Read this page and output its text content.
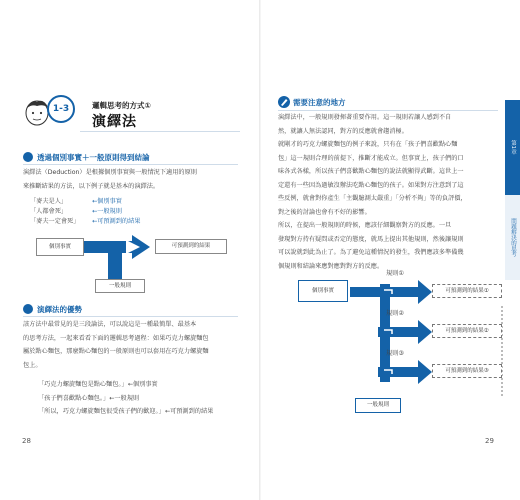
1-3	邏輯思考的方式①
演繹法
透過個別事實＋一般原則得到結論
演繹法（Deduction）是根據個別事實與一般情況下適用的原則
來推斷結果的方法，以下例子就是基本的演繹法。
「麥夫是人」	←個別事實
「人都會死」	←一般規則
「麥夫一定會死」 ←可預測到的結果
個別事實	可預測到的結果
一般規則
演繹法的優勢
該方法中最常見的是三段論法，可以說這是一種最簡單、最基本
的思考方法，一起來看看下面的邏輯思考過程：如果巧克力螺旋麵包
屬於點心麵包，那麼點心麵包的一般原則也可以套用在巧克力螺旋麵
包上。
「巧克力螺旋麵包是點心麵包。」←個別事實
「孩子們喜歡點心麵包。」←一般規則
「所以，巧克力螺旋麵包很受孩子們的歡迎。」←可預測到的結果
28
需要注意的地方
演繹法中，一般規則發揮著重要作用。這一規則若讓人感到不自
然，就讓人無法認同，對方的反應就會趨消極。
就剛才的巧克力螺旋麵包的例子來說，只有在「孩子們喜歡點心麵
包」這一規則合理的前提下，推斷才能成立。但事實上，孩子們的口
味各式各樣，所以孩子們喜歡點心麵包的說法就顯得武斷。這世上一
定還有一些因為過敏沒辦法吃點心麵包的孩子。如果對方注意到了這
些反例，就會對你產生「主觀臆測太嚴重」「分析不夠」等的負評價，
對之後的討論也會有不好的影響。
所以，在提出一般規則的時候，應該仔細觀察對方的反應。一旦
發現對方持有疑問或否定的態度，就馬上提出其他規則，然後讓規則
可以說就到此為止了。為了避免這種情況的發生，我們應該多準備幾
個規則和結論來應對應對對方的反應。
個別事實
規則①
規則②
規則③
可預測到的結果①
可預測到的結果②
可預測到的結果③
一般規則
29
第1章
問題解決的思考
